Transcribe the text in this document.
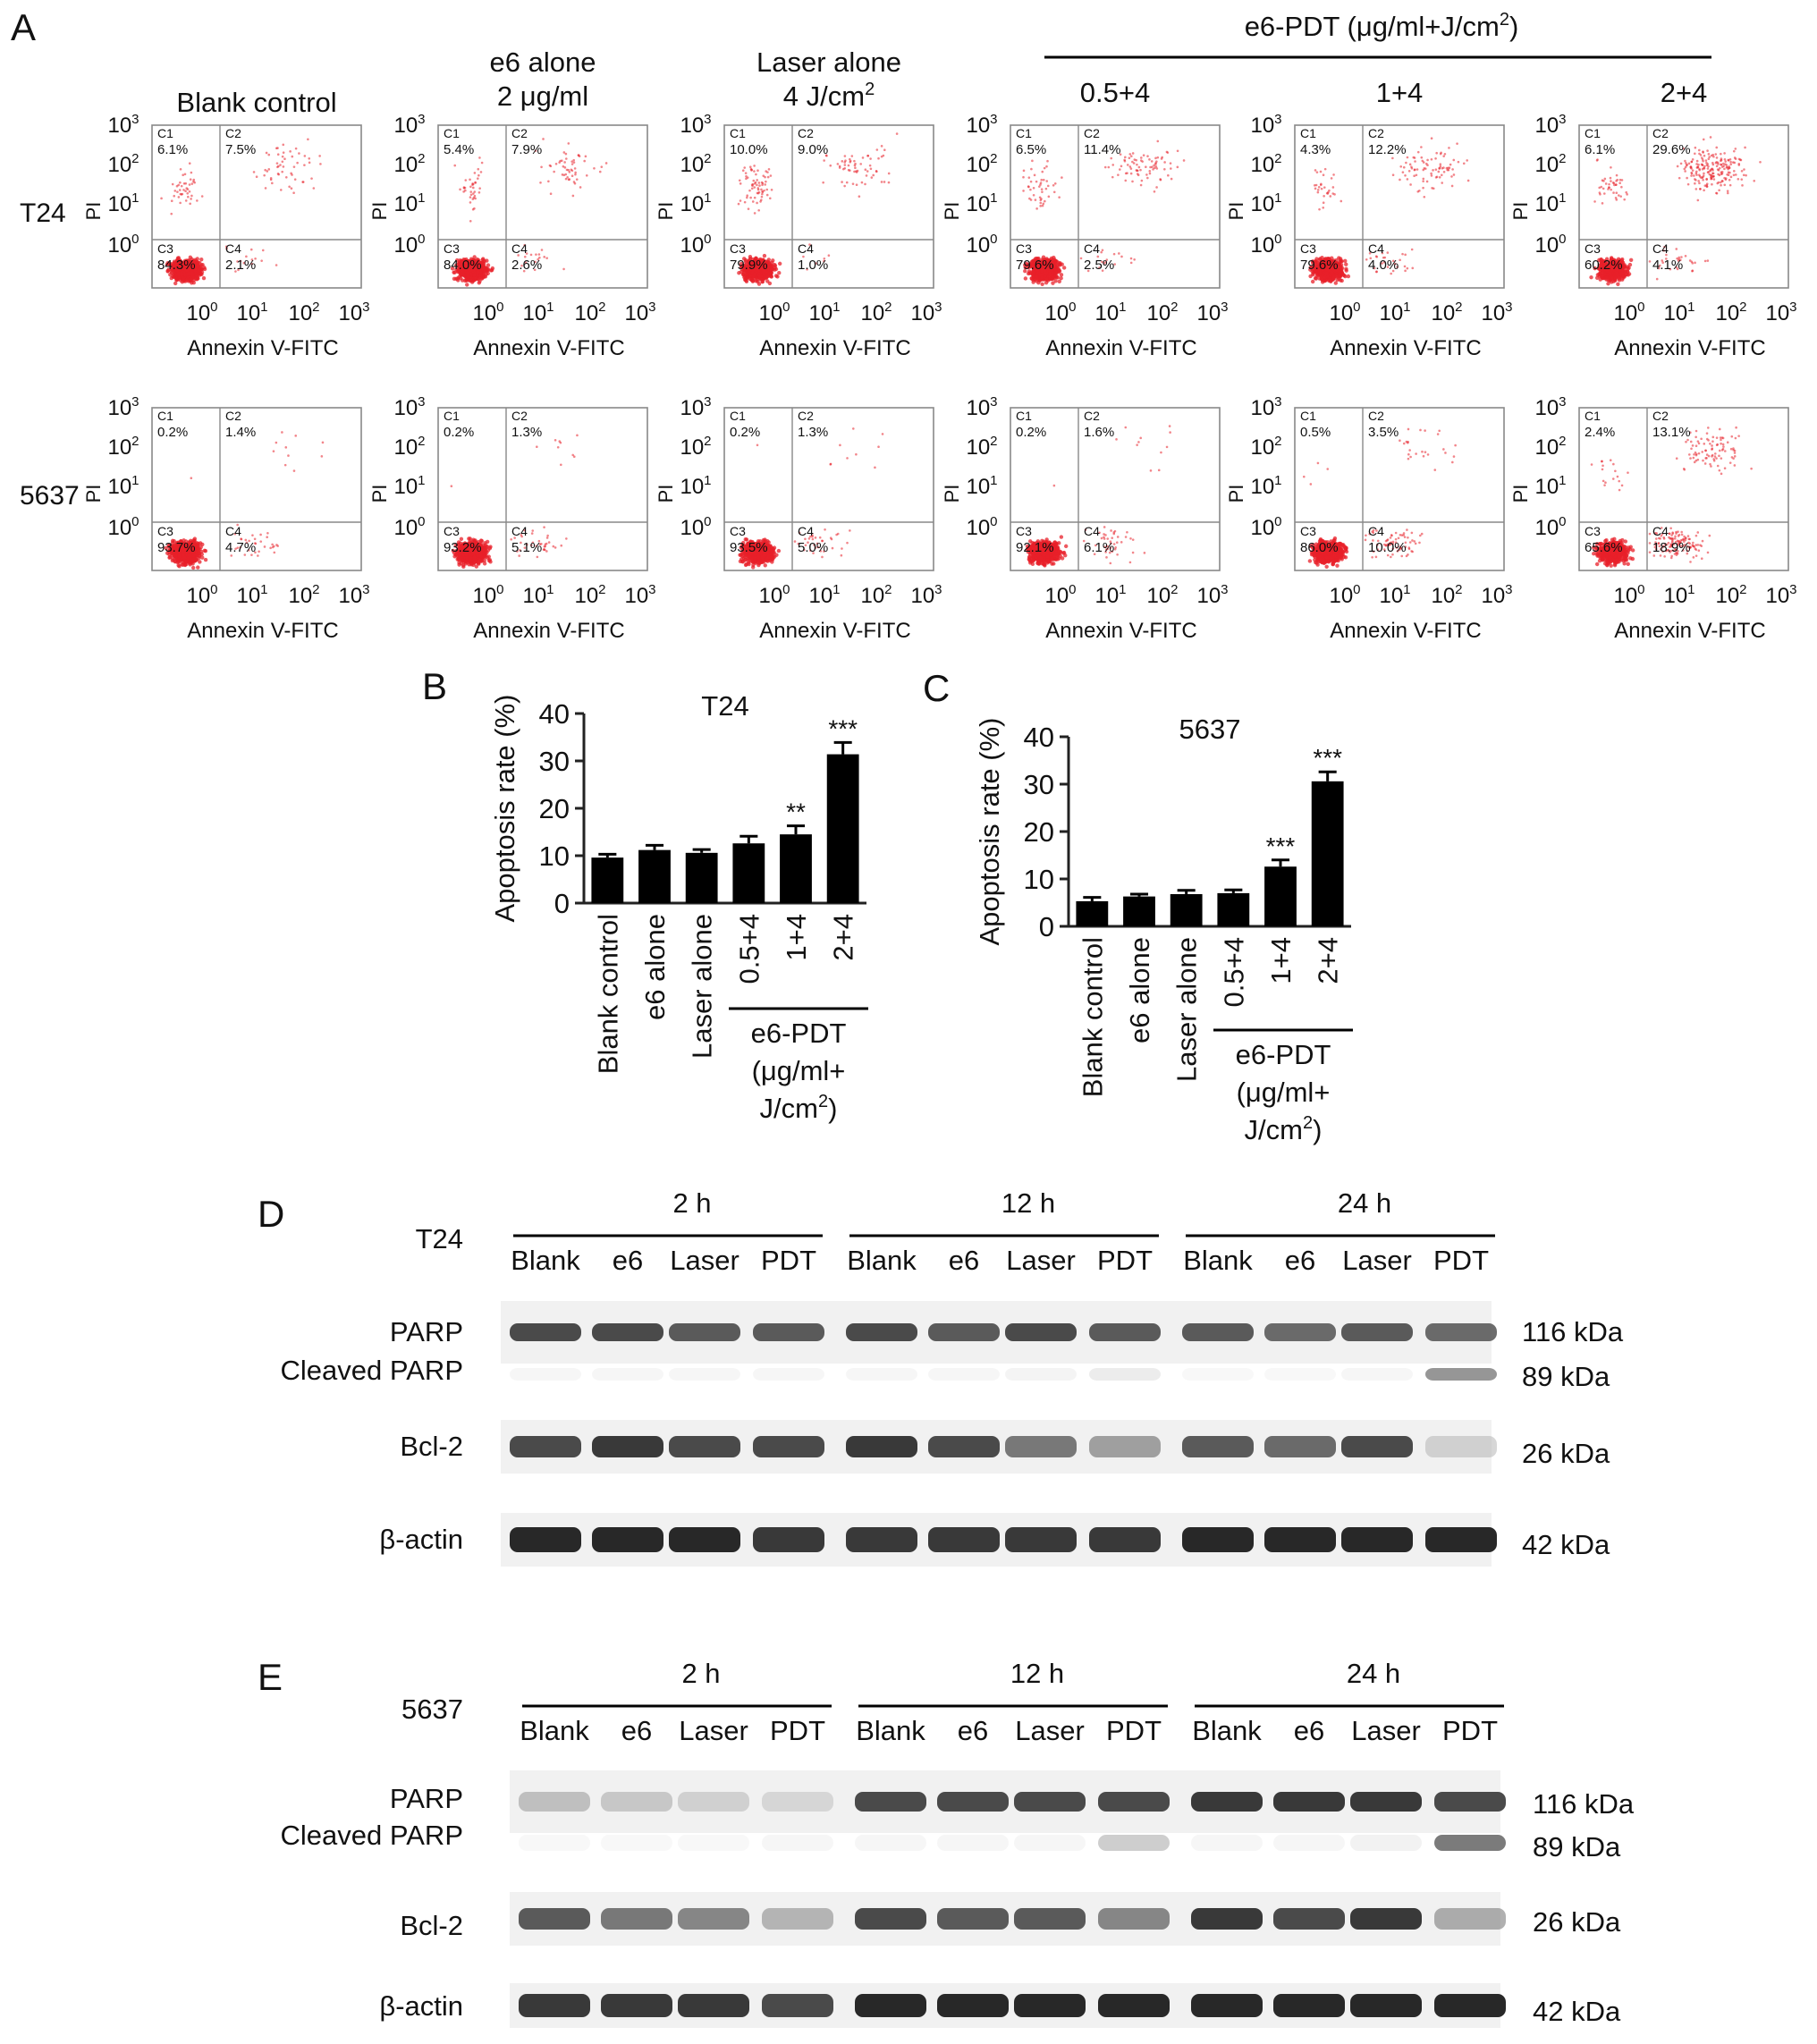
A
B	C
D
E
e6-PDT $(\mu g/ml+J/cm^2)$
Blank control
e6 alone
2 μg/ml
Laser alone
4 $J/cm^2$	0.5+4	1+4	2+4
T24
5637
C1
6.1%
C2
7.5%
C3
84.3%
C4
2.1%
$10^3$
$10^2$
$10^1$
$10^0$
PI
$10^0$ $10^1$ $10^2$ $10^3$
Annexin V-FITC
C1
5.4%
C2
7.9%
C3
84.0%
C4
2.6%
$10^3$
$10^2$
$10^1$
$10^0$
PI
$10^0$ $10^1$ $10^2$ $10^3$
Annexin V-FITC
C1
10.0%
C2
9.0%
C3
79.9%
C4
1.0%
$10^3$
$10^2$
$10^1$
$10^0$
PI
$10^0$ $10^1$ $10^2$ $10^3$
Annexin V-FITC
C1
6.5%
C2
11.4%
C3
79.6%
C4
2.5%
$10^3$
$10^2$
$10^1$
$10^0$
PI
$10^0$ $10^1$ $10^2$ $10^3$
Annexin V-FITC
C1
4.3%
C2
12.2%
C3
79.6%
C4
4.0%
$10^3$
$10^2$
$10^1$
$10^0$
PI
$10^0$ $10^1$ $10^2$ $10^3$
Annexin V-FITC
C1
6.1%
C2
29.6%
C3
60.2%
C4
4.1%
$10^3$
$10^2$
$10^1$
$10^0$
PI
$10^0$ $10^1$ $10^2$ $10^3$
Annexin V-FITC
C1
0.2%
C2
1.4%
C3
93.7%
C4
4.7%
$10^3$
$10^2$
$10^1$
$10^0$
PI
$10^0$ $10^1$ $10^2$ $10^3$
Annexin V-FITC
C1
0.2%
C2
1.3%
C3
93.2%
C4
5.1%
$10^3$
$10^2$
$10^1$
$10^0$
PI
$10^0$ $10^1$ $10^2$ $10^3$
Annexin V-FITC
C1
0.2%
C2
1.3%
C3
93.5%
C4
5.0%
$10^3$
$10^2$
$10^1$
$10^0$
PI
$10^0$ $10^1$ $10^2$ $10^3$
Annexin V-FITC
C1
0.2%
C2
1.6%
C3
92.1%
C4
6.1%
$10^3$
$10^2$
$10^1$
$10^0$
PI
$10^0$ $10^1$ $10^2$ $10^3$
Annexin V-FITC
C1
0.5%
C2
3.5%
C3
86.0%
C4
10.0%
$10^3$
$10^2$
$10^1$
$10^0$
PI
$10^0$ $10^1$ $10^2$ $10^3$
Annexin V-FITC
C1
2.4%
C2
13.1%
C3
65.6%
C4
18.9%
$10^3$
$10^2$
$10^1$
$10^0$
PI
$10^0$ $10^1$ $10^2$ $10^3$
Annexin V-FITC
T24
0
10
20
30
40
Apoptosis rate (%)
Blank control e6 alone Laser alone 0.5+4
**
1+4
***
2+4
e6-PDT
(μg/ml+
$J/cm^2$)
5637
0
10
20
30
40
Apoptosis rate (%)
Blank control e6 alone Laser alone 0.5+4
***
1+4
***
2+4
e6-PDT
(μg/ml+
$J/cm^2$)
T24
2 h	12 h	24 h
Blank e6 Laser PDT Blank e6 Laser PDT Blank e6 Laser PDT
PARP	116 kDa
Cleaved PARP	89 kDa
Bcl-2	26 kDa
β-actin	42 kDa
5637
2 h	12 h	24 h
Blank e6 Laser PDT Blank e6 Laser PDT Blank e6 Laser PDT
PARP	116 kDa
Cleaved PARP	89 kDa
Bcl-2	26 kDa
β-actin	42 kDa
